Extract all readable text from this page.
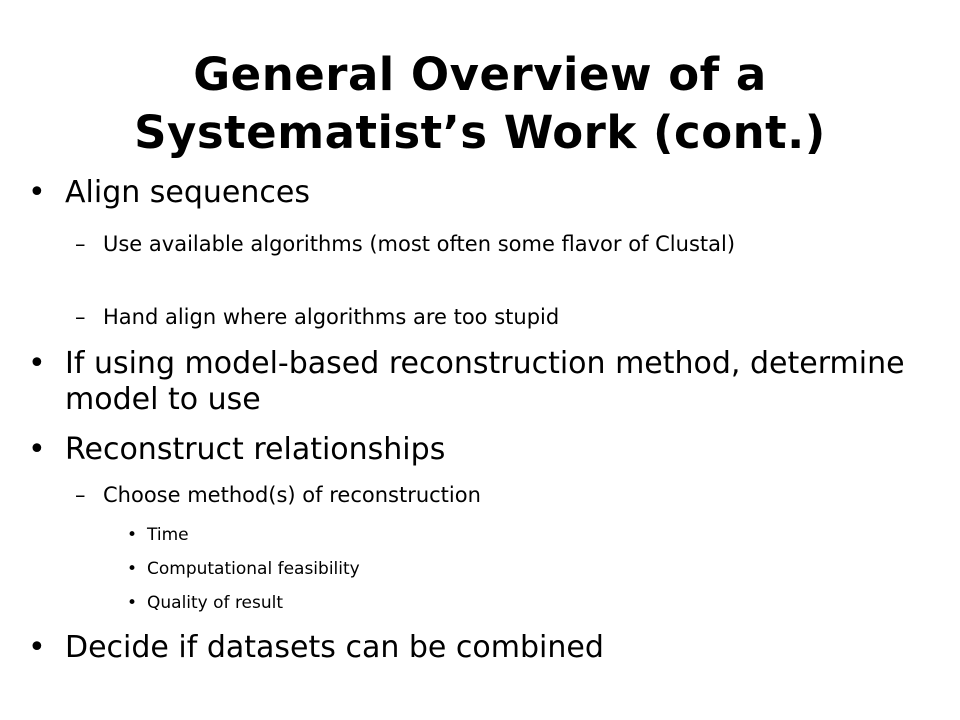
General Overview of a
Systematist’s Work (cont.)

• Align sequences

– Use available algorithms (most often some flavor of Clustal)

– Hand align where algorithms are too stupid

• If using model-based reconstruction method, determine model to use

• Reconstruct relationships

– Choose method(s) of reconstruction

• Time

• Computational feasibility

• Quality of result

• Decide if datasets can be combined
